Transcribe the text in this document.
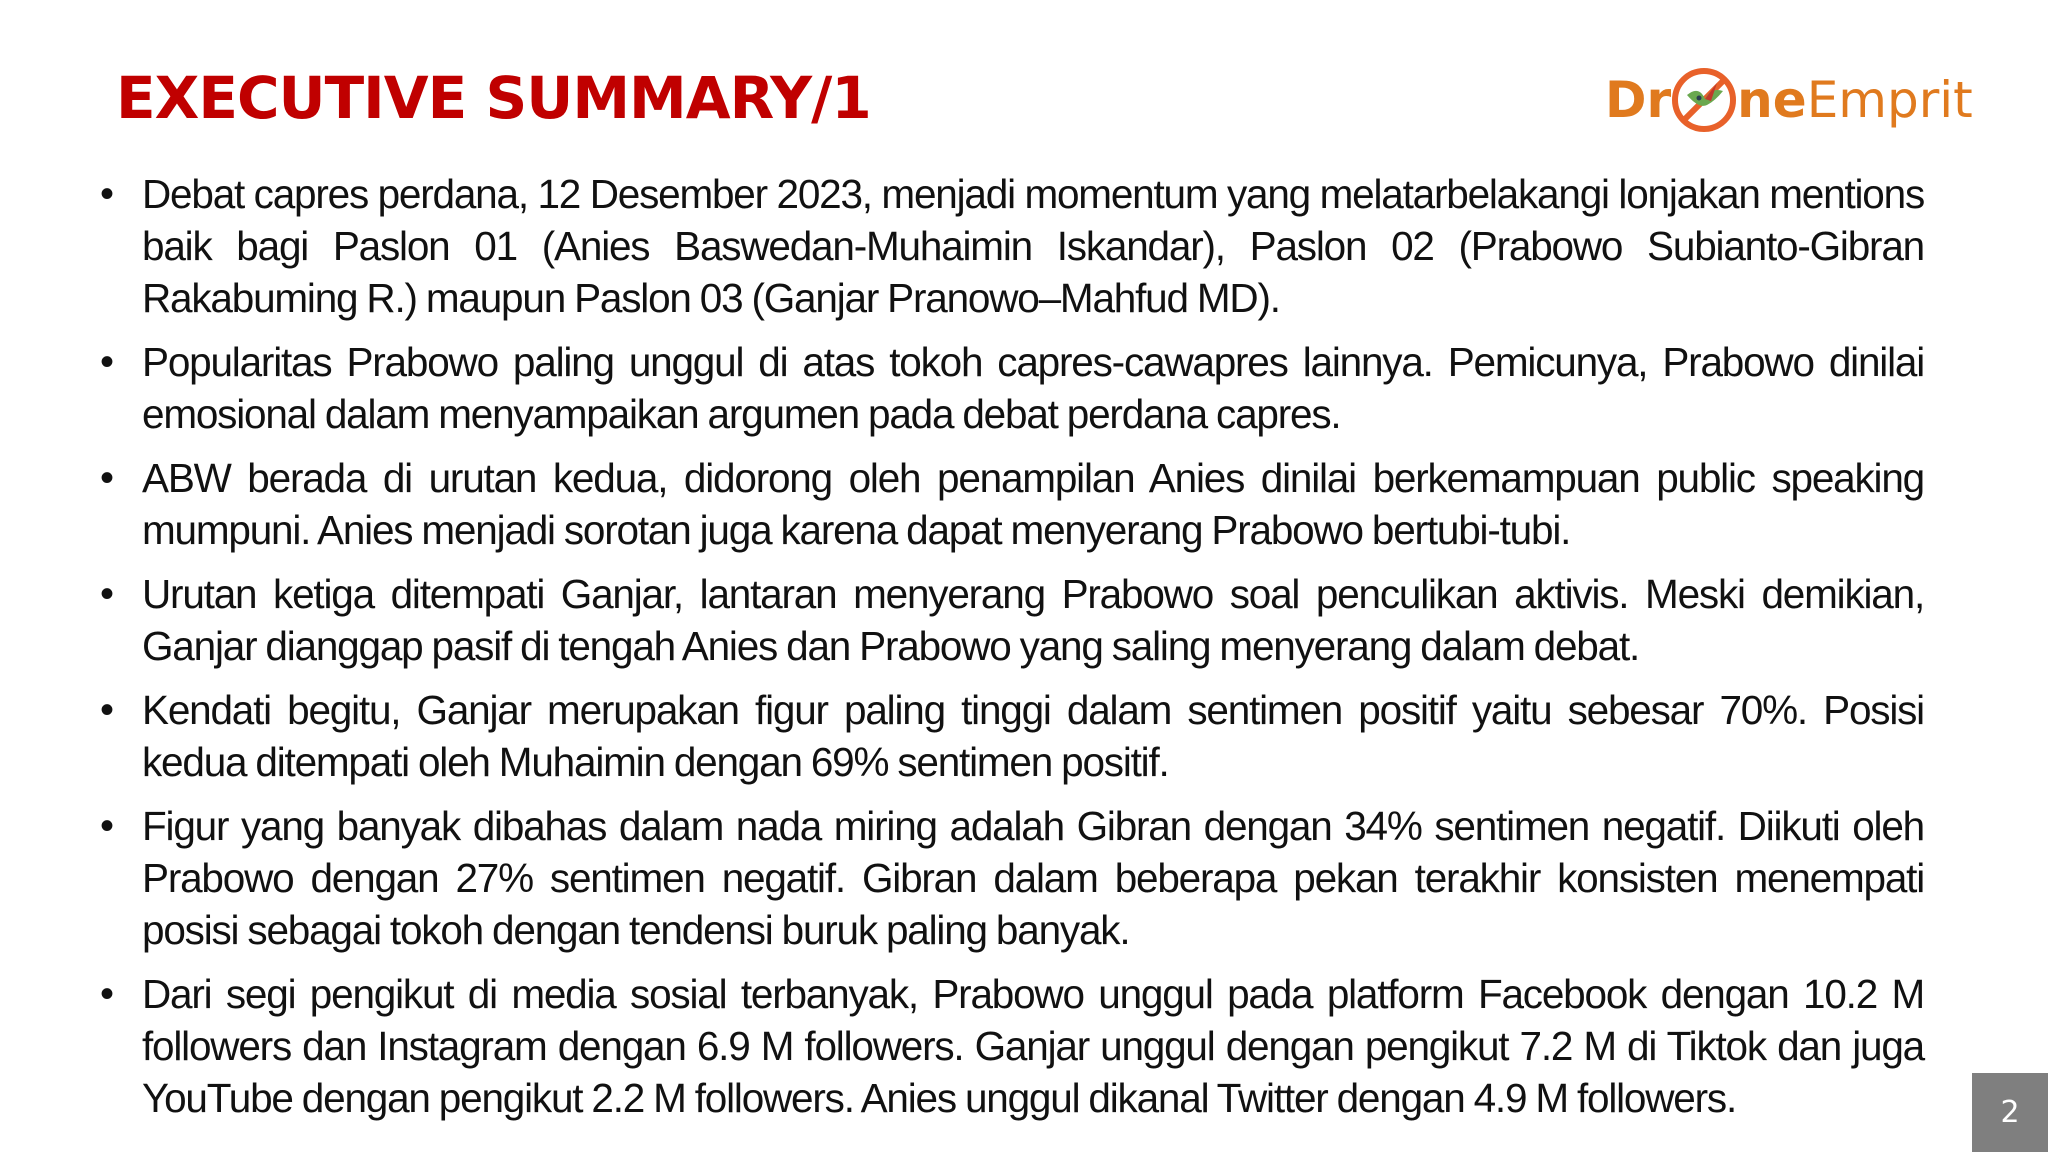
EXECUTIVE SUMMARY/1	Dr ne Emprit
• Debat capres perdana, 12 Desember 2023, menjadi momentum yang melatarbelakangi lonjakan mentions baik bagi Paslon 01 (Anies Baswedan-Muhaimin Iskandar), Paslon 02 (Prabowo Subianto-Gibran Rakabuming R.) maupun Paslon 03 (Ganjar Pranowo–Mahfud MD).
• Popularitas Prabowo paling unggul di atas tokoh capres-cawapres lainnya. Pemicunya, Prabowo dinilai emosional dalam menyampaikan argumen pada debat perdana capres.
• ABW berada di urutan kedua, didorong oleh penampilan Anies dinilai berkemampuan public speaking mumpuni. Anies menjadi sorotan juga karena dapat menyerang Prabowo bertubi-tubi.
• Urutan ketiga ditempati Ganjar, lantaran menyerang Prabowo soal penculikan aktivis. Meski demikian, Ganjar dianggap pasif di tengah Anies dan Prabowo yang saling menyerang dalam debat.
• Kendati begitu, Ganjar merupakan figur paling tinggi dalam sentimen positif yaitu sebesar 70%. Posisi kedua ditempati oleh Muhaimin dengan 69% sentimen positif.
• Figur yang banyak dibahas dalam nada miring adalah Gibran dengan 34% sentimen negatif. Diikuti oleh Prabowo dengan 27% sentimen negatif. Gibran dalam beberapa pekan terakhir konsisten menempati posisi sebagai tokoh dengan tendensi buruk paling banyak.
• Dari segi pengikut di media sosial terbanyak, Prabowo unggul pada platform Facebook dengan 10.2 M followers dan Instagram dengan 6.9 M followers. Ganjar unggul dengan pengikut 7.2 M di Tiktok dan juga YouTube dengan pengikut 2.2 M followers. Anies unggul dikanal Twitter dengan 4.9 M followers.	2
